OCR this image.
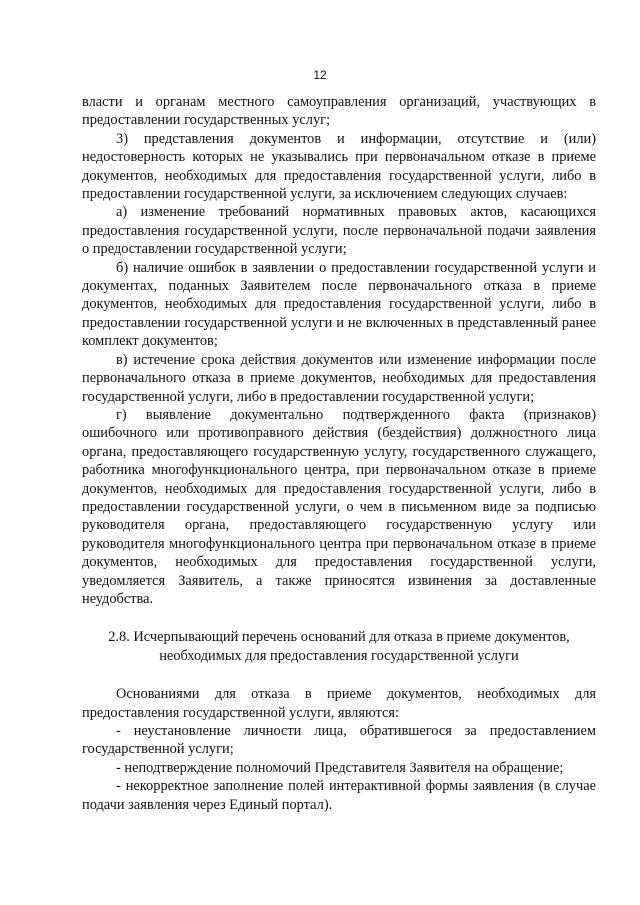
12

власти и органам местного самоуправления организаций, участвующих в предоставлении государственных услуг;

3) представления документов и информации, отсутствие и (или) недостоверность которых не указывались при первоначальном отказе в приеме документов, необходимых для предоставления государственной услуги, либо в предоставлении государственной услуги, за исключением следующих случаев:

а) изменение требований нормативных правовых актов, касающихся предоставления государственной услуги, после первоначальной подачи заявления о предоставлении государственной услуги;

б) наличие ошибок в заявлении о предоставлении государственной услуги и документах, поданных Заявителем после первоначального отказа в приеме документов, необходимых для предоставления государственной услуги, либо в предоставлении государственной услуги и не включенных в представленный ранее комплект документов;

в) истечение срока действия документов или изменение информации после первоначального отказа в приеме документов, необходимых для предоставления государственной услуги, либо в предоставлении государственной услуги;

г) выявление документально подтвержденного факта (признаков) ошибочного или противоправного действия (бездействия) должностного лица органа, предоставляющего государственную услугу, государственного служащего, работника многофункционального центра, при первоначальном отказе в приеме документов, необходимых для предоставления государственной услуги, либо в предоставлении государственной услуги, о чем в письменном виде за подписью руководителя органа, предоставляющего государственную услугу или руководителя многофункционального центра при первоначальном отказе в приеме документов, необходимых для предоставления государственной услуги, уведомляется Заявитель, а также приносятся извинения за доставленные неудобства.

2.8. Исчерпывающий перечень оснований для отказа в приеме документов, необходимых для предоставления государственной услуги

Основаниями для отказа в приеме документов, необходимых для предоставления государственной услуги, являются:

- неустановление личности лица, обратившегося за предоставлением государственной услуги;

- неподтверждение полномочий Представителя Заявителя на обращение;

- некорректное заполнение полей интерактивной формы заявления (в случае подачи заявления через Единый портал).
